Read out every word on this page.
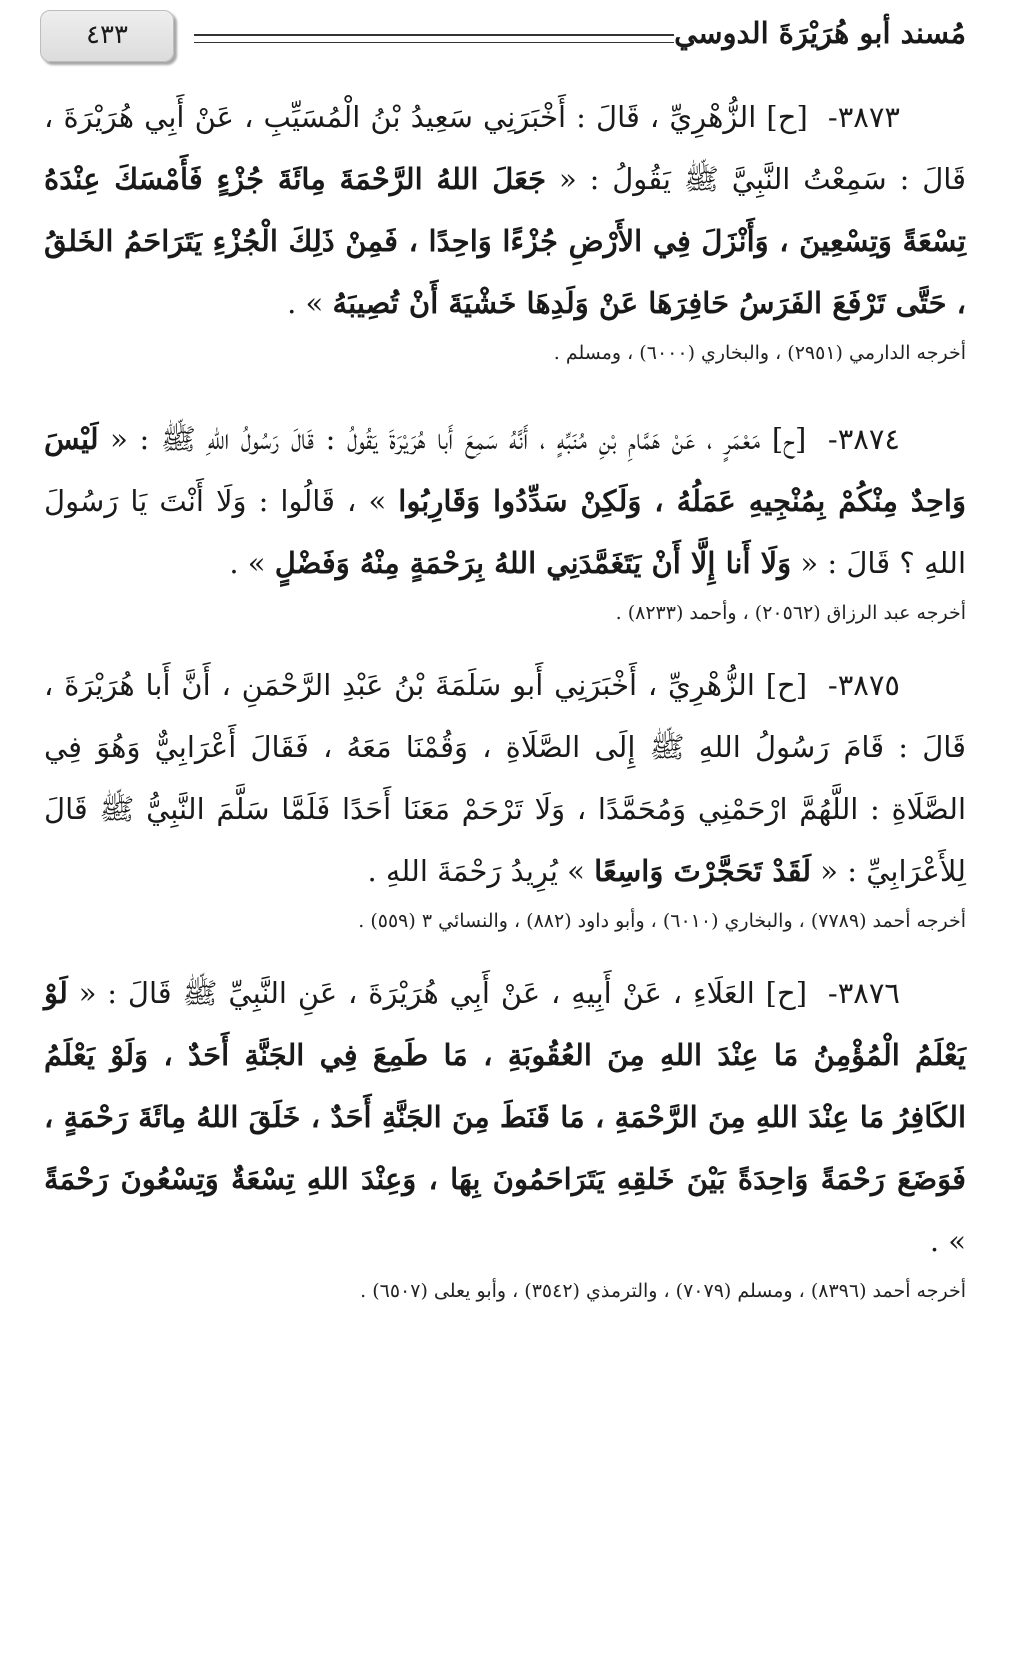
٤٣٣	مُسند أبو هُرَيْرَةَ الدوسي

٣٨٧٣- [ح] الزُّهْرِيِّ ، قَالَ : أَخْبَرَنِي سَعِيدُ بْنُ الْمُسَيِّبِ ، عَنْ أَبِي هُرَيْرَةَ ، قَالَ : سَمِعْتُ النَّبِيَّ ﷺ يَقُولُ : « جَعَلَ اللهُ الرَّحْمَةَ مِائَةَ جُزْءٍ فَأَمْسَكَ عِنْدَهُ تِسْعَةً وَتِسْعِينَ ، وَأَنْزَلَ فِي الأَرْضِ جُزْءًا وَاحِدًا ، فَمِنْ ذَلِكَ الْجُزْءِ يَتَرَاحَمُ الخَلقُ ، حَتَّى تَرْفَعَ الفَرَسُ حَافِرَهَا عَنْ وَلَدِهَا خَشْيَةَ أَنْ تُصِيبَهُ » .

أخرجه الدارمي (٢٩٥١) ، والبخاري (٦٠٠٠) ، ومسلم .

٣٨٧٤- [ح] مَعْمَرٍ ، عَنْ هَمَّامِ بْنِ مُنَبِّهٍ ، أَنَّهُ سَمِعَ أَبا هُرَيْرَةَ يَقُولُ : قَالَ رَسُولُ اللهِ ﷺ : « لَيْسَ وَاحِدٌ مِنْكُمْ بِمُنْجِيهِ عَمَلُهُ ، وَلَكِنْ سَدِّدُوا وَقَارِبُوا » ، قَالُوا : وَلَا أَنْتَ يَا رَسُولَ اللهِ ؟ قَالَ : « وَلَا أَنا إِلَّا أَنْ يَتَغَمَّدَنِي اللهُ بِرَحْمَةٍ مِنْهُ وَفَضْلٍ » .

أخرجه عبد الرزاق (٢٠٥٦٢) ، وأحمد (٨٢٣٣) .

٣٨٧٥- [ح] الزُّهْرِيِّ ، أَخْبَرَنِي أَبو سَلَمَةَ بْنُ عَبْدِ الرَّحْمَنِ ، أَنَّ أَبا هُرَيْرَةَ ، قَالَ : قَامَ رَسُولُ اللهِ ﷺ إِلَى الصَّلَاةِ ، وَقُمْنَا مَعَهُ ، فَقَالَ أَعْرَابِيٌّ وَهُوَ فِي الصَّلَاةِ : اللَّهُمَّ ارْحَمْنِي وَمُحَمَّدًا ، وَلَا تَرْحَمْ مَعَنَا أَحَدًا فَلَمَّا سَلَّمَ النَّبِيُّ ﷺ قَالَ لِلأَعْرَابِيِّ : « لَقَدْ تَحَجَّرْتَ وَاسِعًا » يُرِيدُ رَحْمَةَ اللهِ .

أخرجه أحمد (٧٧٨٩) ، والبخاري (٦٠١٠) ، وأبو داود (٨٨٢) ، والنسائي ٣ (٥٥٩) .

٣٨٧٦- [ح] العَلَاءِ ، عَنْ أَبِيهِ ، عَنْ أَبِي هُرَيْرَةَ ، عَنِ النَّبِيِّ ﷺ قَالَ : « لَوْ يَعْلَمُ الْمُؤْمِنُ مَا عِنْدَ اللهِ مِنَ العُقُوبَةِ ، مَا طَمِعَ فِي الجَنَّةِ أَحَدٌ ، وَلَوْ يَعْلَمُ الكَافِرُ مَا عِنْدَ اللهِ مِنَ الرَّحْمَةِ ، مَا قَنَطَ مِنَ الجَنَّةِ أَحَدٌ ، خَلَقَ اللهُ مِائَةَ رَحْمَةٍ ، فَوَضَعَ رَحْمَةً وَاحِدَةً بَيْنَ خَلقِهِ يَتَرَاحَمُونَ بِهَا ، وَعِنْدَ اللهِ تِسْعَةٌ وَتِسْعُونَ رَحْمَةً » .

أخرجه أحمد (٨٣٩٦) ، ومسلم (٧٠٧٩) ، والترمذي (٣٥٤٢) ، وأبو يعلى (٦٥٠٧) .
